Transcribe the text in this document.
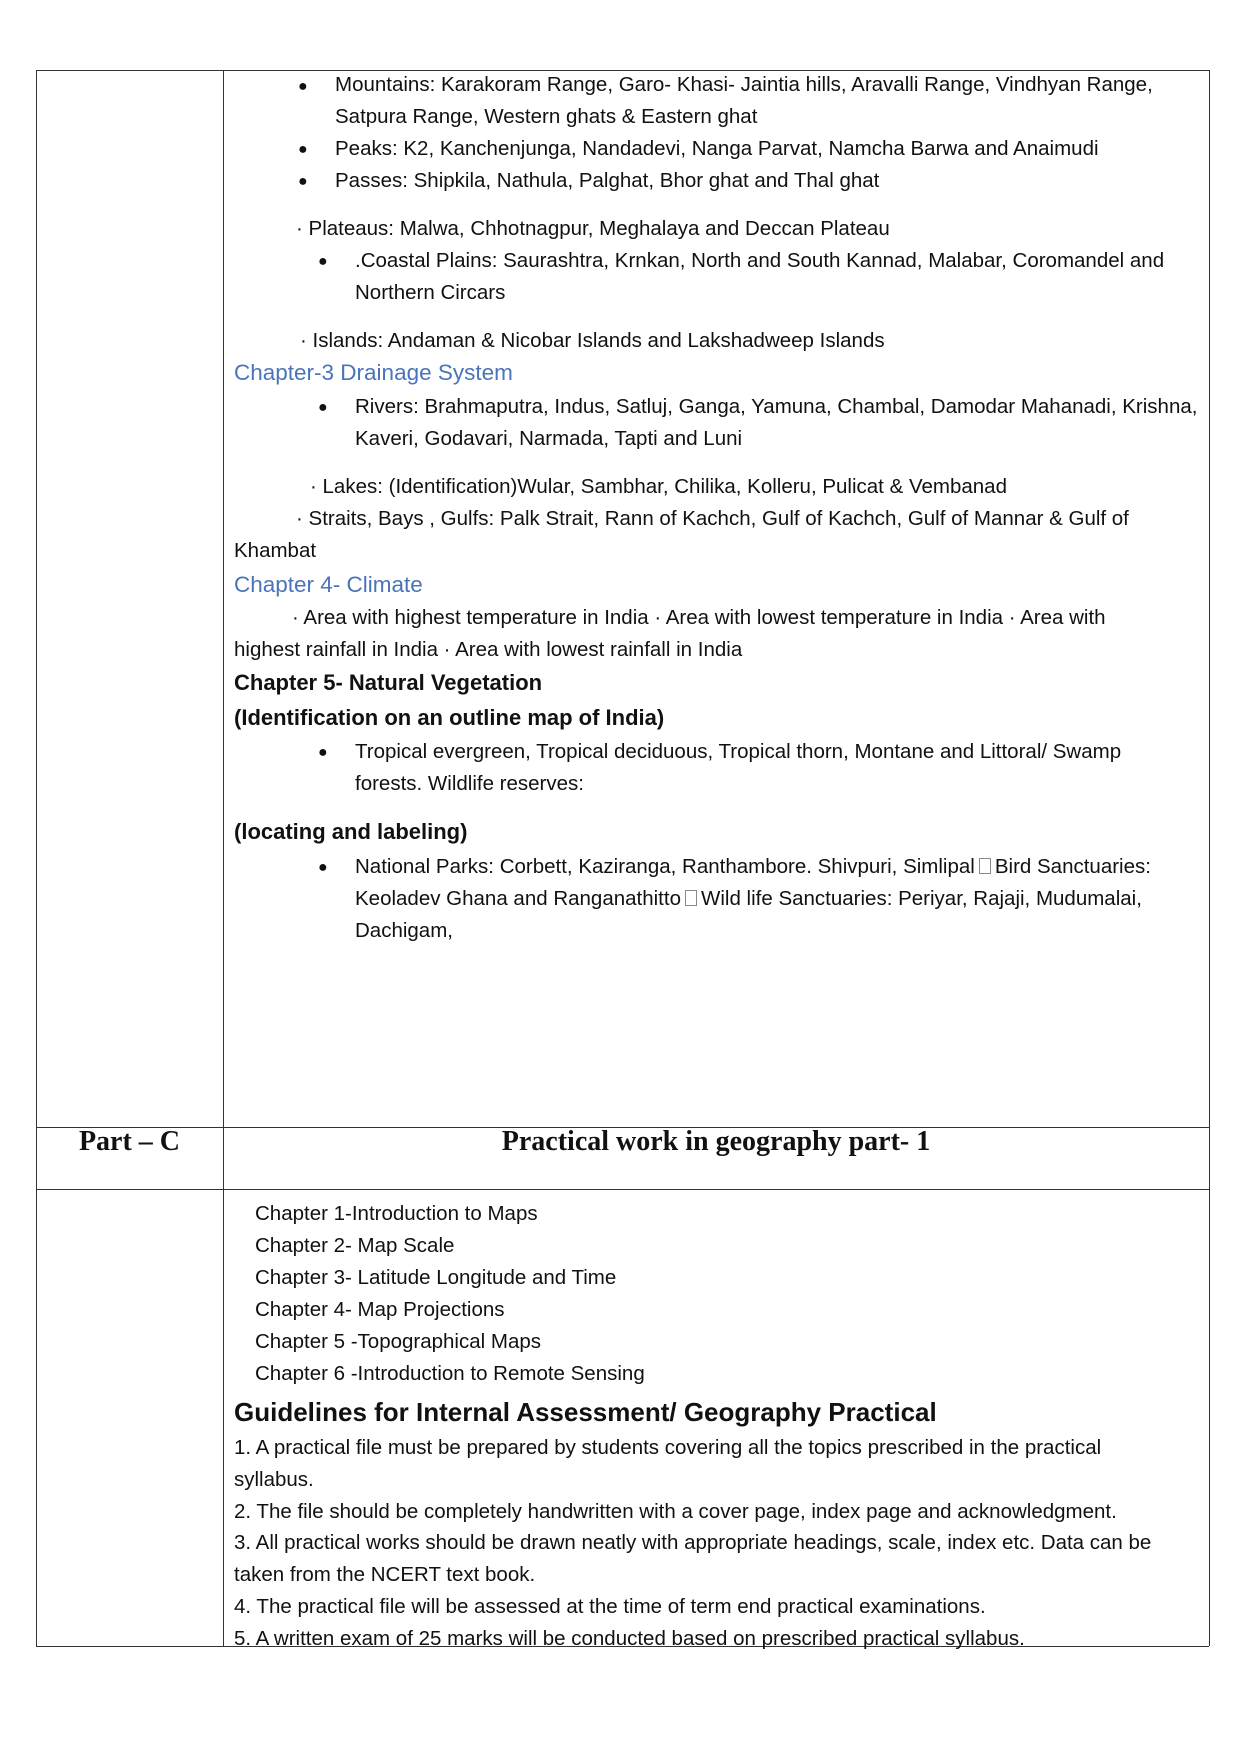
● Mountains: Karakoram Range, Garo- Khasi- Jaintia hills, Aravalli Range, Vindhyan Range,
Satpura Range, Western ghats & Eastern ghat
● Peaks: K2, Kanchenjunga, Nandadevi, Nanga Parvat, Namcha Barwa and Anaimudi
● Passes: Shipkila, Nathula, Palghat, Bhor ghat and Thal ghat
· Plateaus: Malwa, Chhotnagpur, Meghalaya and Deccan Plateau
● .Coastal Plains: Saurashtra, Krnkan, North and South Kannad, Malabar, Coromandel and
Northern Circars
· Islands: Andaman & Nicobar Islands and Lakshadweep Islands
Chapter-3 Drainage System
● Rivers: Brahmaputra, Indus, Satluj, Ganga, Yamuna, Chambal, Damodar Mahanadi, Krishna,
Kaveri, Godavari, Narmada, Tapti and Luni
· Lakes: (Identification)Wular, Sambhar, Chilika, Kolleru, Pulicat & Vembanad
· Straits, Bays , Gulfs: Palk Strait, Rann of Kachch, Gulf of Kachch, Gulf of Mannar & Gulf of
Khambat
Chapter 4- Climate
· Area with highest temperature in India · Area with lowest temperature in India · Area with
highest rainfall in India · Area with lowest rainfall in India
Chapter 5- Natural Vegetation
(Identification on an outline map of India)
● Tropical evergreen, Tropical deciduous, Tropical thorn, Montane and Littoral/ Swamp
forests. Wildlife reserves:
(locating and labeling)
● National Parks: Corbett, Kaziranga, Ranthambore. Shivpuri, Simlipal Bird Sanctuaries:
Keoladev Ghana and Ranganathitto Wild life Sanctuaries: Periyar, Rajaji, Mudumalai,
Dachigam,
Part – C	Practical work in geography part- 1
Chapter 1-Introduction to Maps
Chapter 2- Map Scale
Chapter 3- Latitude Longitude and Time
Chapter 4- Map Projections
Chapter 5 -Topographical Maps
Chapter 6 -Introduction to Remote Sensing
Guidelines for Internal Assessment/ Geography Practical
1. A practical file must be prepared by students covering all the topics prescribed in the practical
syllabus.
2. The file should be completely handwritten with a cover page, index page and acknowledgment.
3. All practical works should be drawn neatly with appropriate headings, scale, index etc. Data can be
taken from the NCERT text book.
4. The practical file will be assessed at the time of term end practical examinations.
5. A written exam of 25 marks will be conducted based on prescribed practical syllabus.
